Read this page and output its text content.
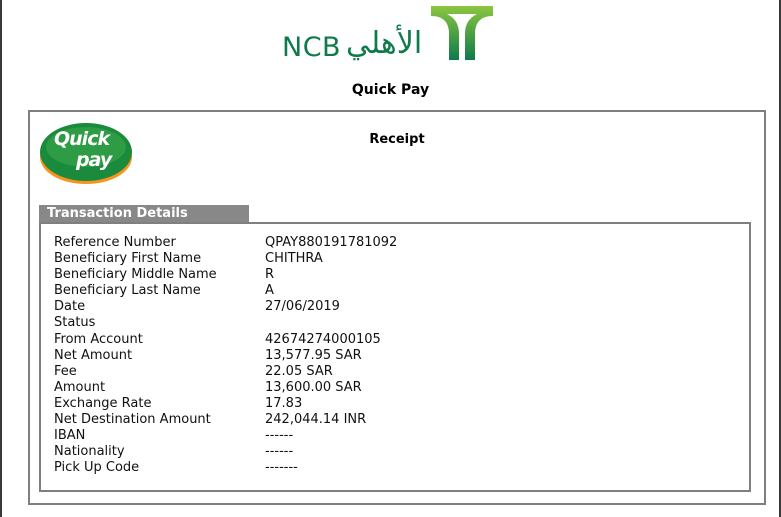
NCB الأهلي
Quick Pay
Quick
pay
Receipt
Transaction Details
Reference Number	QPAY880191781092
Beneficiary First Name	CHITHRA
Beneficiary Middle Name	R
Beneficiary Last Name	A
Date	27/06/2019
Status
From Account	42674274000105
Net Amount	13,577.95 SAR
Fee	22.05 SAR
Amount	13,600.00 SAR
Exchange Rate	17.83
Net Destination Amount	242,044.14 INR
IBAN	------
Nationality	------
Pick Up Code	-------
